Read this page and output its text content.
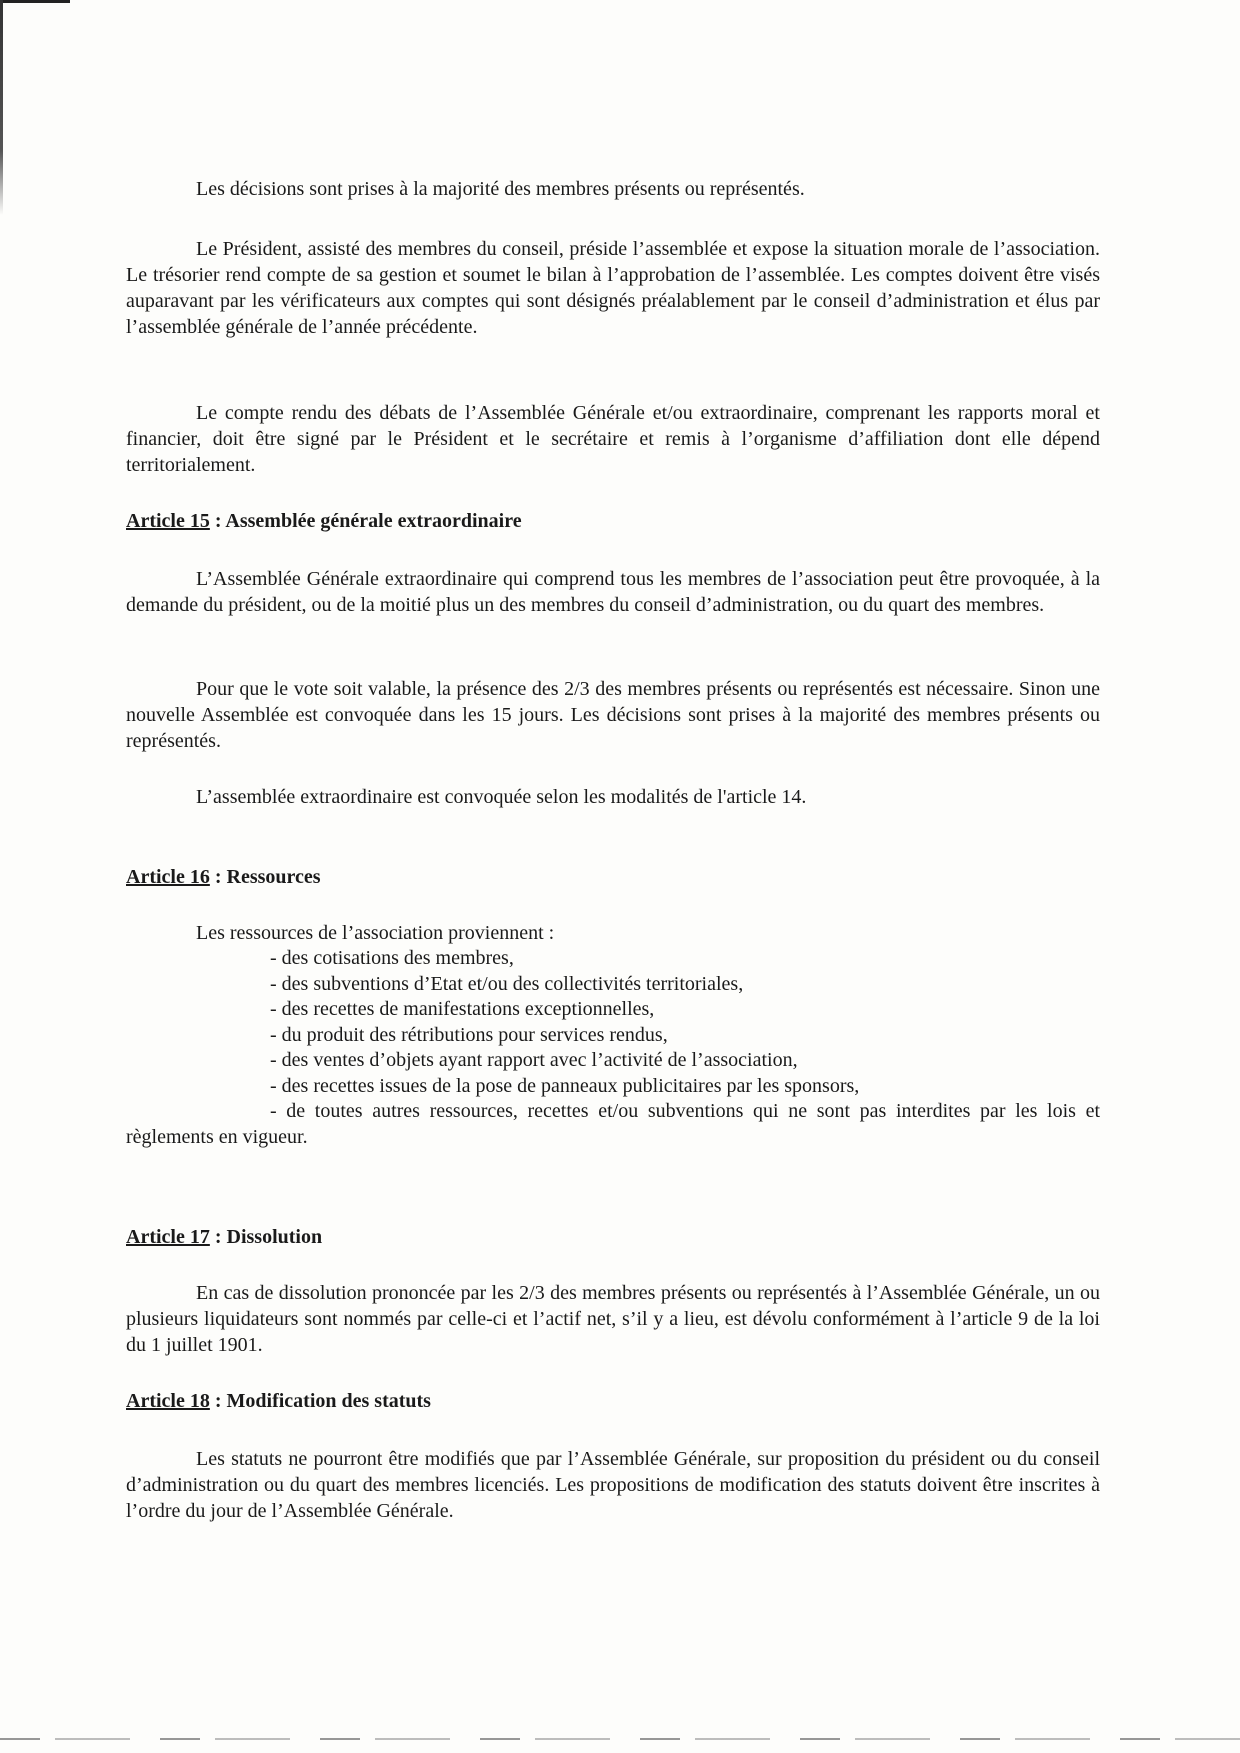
Les décisions sont prises à la majorité des membres présents ou représentés.

Le Président, assisté des membres du conseil, préside l’assemblée et expose la situation morale de l’association. Le trésorier rend compte de sa gestion et soumet le bilan à l’approbation de l’assemblée. Les comptes doivent être visés auparavant par les vérificateurs aux comptes qui sont désignés préalablement par le conseil d’administration et élus par l’assemblée générale de l’année précédente.

Le compte rendu des débats de l’Assemblée Générale et/ou extraordinaire, comprenant les rapports moral et financier, doit être signé par le Président et le secrétaire et remis à l’organisme d’affiliation dont elle dépend territorialement.

Article 15 : Assemblée générale extraordinaire

L’Assemblée Générale extraordinaire qui comprend tous les membres de l’association peut être provoquée, à la demande du président, ou de la moitié plus un des membres du conseil d’administration, ou du quart des membres.

Pour que le vote soit valable, la présence des 2/3 des membres présents ou représentés est nécessaire. Sinon une nouvelle Assemblée est convoquée dans les 15 jours. Les décisions sont prises à la majorité des membres présents ou représentés.

L’assemblée extraordinaire est convoquée selon les modalités de l'article 14.

Article 16 : Ressources

Les ressources de l’association proviennent :

- des cotisations des membres,
- des subventions d’Etat et/ou des collectivités territoriales,
- des recettes de manifestations exceptionnelles,
- du produit des rétributions pour services rendus,
- des ventes d’objets ayant rapport avec l’activité de l’association,
- des recettes issues de la pose de panneaux publicitaires par les sponsors,
- de toutes autres ressources, recettes et/ou subventions qui ne sont pas interdites par les lois et règlements en vigueur.
Article 17 : Dissolution

En cas de dissolution prononcée par les 2/3 des membres présents ou représentés à l’Assemblée Générale, un ou plusieurs liquidateurs sont nommés par celle-ci et l’actif net, s’il y a lieu, est dévolu conformément à l’article 9 de la loi du 1 juillet 1901.

Article 18 : Modification des statuts

Les statuts ne pourront être modifiés que par l’Assemblée Générale, sur proposition du président ou du conseil d’administration ou du quart des membres licenciés. Les propositions de modification des statuts doivent être inscrites à l’ordre du jour de l’Assemblée Générale.
